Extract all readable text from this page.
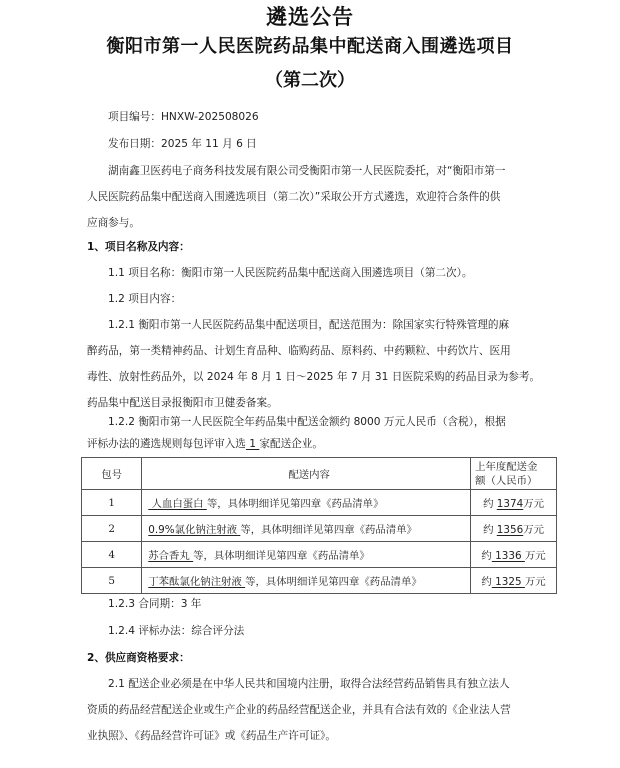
遴选公告
衡阳市第一人民医院药品集中配送商入围遴选项目
（第二次）
项目编号：HNXW-202508026
发布日期：2025 年 11 月 6 日
湖南鑫卫医药电子商务科技发展有限公司受衡阳市第一人民医院委托，对“衡阳市第一
人民医院药品集中配送商入围遴选项目（第二次）”采取公开方式遴选，欢迎符合条件的供
应商参与。
1、项目名称及内容：
1.1 项目名称：衡阳市第一人民医院药品集中配送商入围遴选项目（第二次）。
1.2 项目内容：
1.2.1 衡阳市第一人民医院药品集中配送项目，配送范围为：除国家实行特殊管理的麻
醉药品，第一类精神药品、计划生育品种、临购药品、原料药、中药颗粒、中药饮片、医用
毒性、放射性药品外，以 2024 年 8 月 1 日～2025 年 7 月 31 日医院采购的药品目录为参考。
药品集中配送目录报衡阳市卫健委备案。
1.2.2 衡阳市第一人民医院全年药品集中配送金额约 8000 万元人民币（含税），根据
评标办法的遴选规则每包评审入选 1 家配送企业。
包号	配送内容	上年度配送金
额（人民币）

1	人血白蛋白 等，具体明细详见第四章《药品清单》	约 1374万元
2	0.9%氯化钠注射液 等，具体明细详见第四章《药品清单》	约 1356万元
4	苏合香丸 等，具体明细详见第四章《药品清单》	约 1336 万元
5	丁苯酞氯化钠注射液 等，具体明细详见第四章《药品清单》	约 1325 万元
1.2.3 合同期：3 年
1.2.4 评标办法：综合评分法
2、供应商资格要求：
2.1 配送企业必须是在中华人民共和国境内注册，取得合法经营药品销售具有独立法人
资质的药品经营配送企业或生产企业的药品经营配送企业，并具有合法有效的《企业法人营
业执照》、《药品经营许可证》或《药品生产许可证》。
